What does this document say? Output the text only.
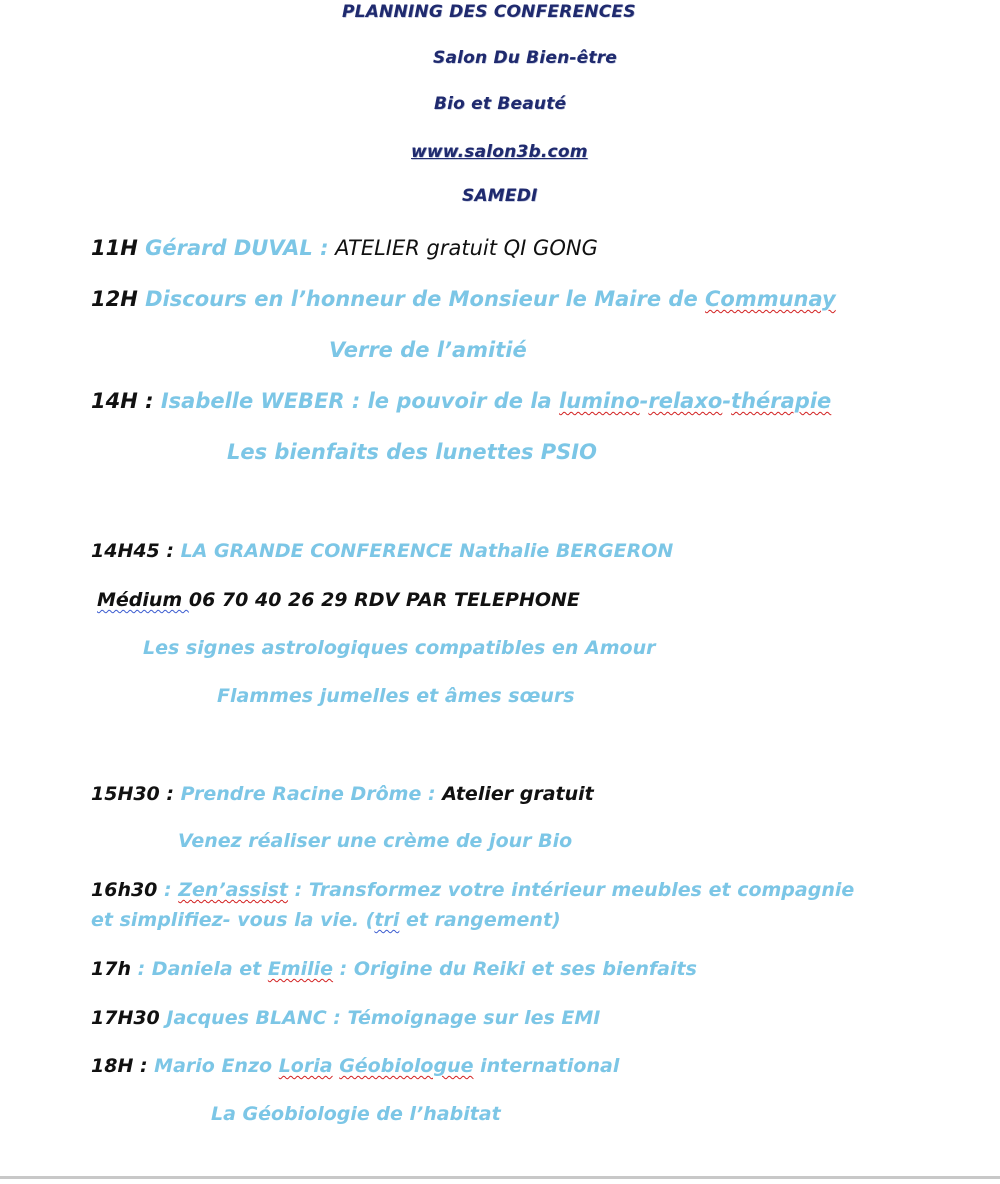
PLANNING DES CONFERENCES
Salon Du Bien-être
Bio et Beauté
www.salon3b.com
SAMEDI
11H Gérard DUVAL : ATELIER gratuit QI GONG
12H Discours en l’honneur de Monsieur le Maire de Communay
Verre de l’amitié
14H : Isabelle WEBER : le pouvoir de la lumino-relaxo-thérapie
Les bienfaits des lunettes PSIO
14H45 : LA GRANDE CONFERENCE Nathalie BERGERON
Médium 06 70 40 26 29 RDV PAR TELEPHONE
Les signes astrologiques compatibles en Amour
Flammes jumelles et âmes sœurs
15H30 : Prendre Racine Drôme : Atelier gratuit
Venez réaliser une crème de jour Bio
16h30 : Zen’assist : Transformez votre intérieur meubles et compagnie
et simplifiez- vous la vie. (tri et rangement)
17h : Daniela et Emilie : Origine du Reiki et ses bienfaits
17H30 Jacques BLANC : Témoignage sur les EMI
18H : Mario Enzo Loria Géobiologue international
La Géobiologie de l’habitat
